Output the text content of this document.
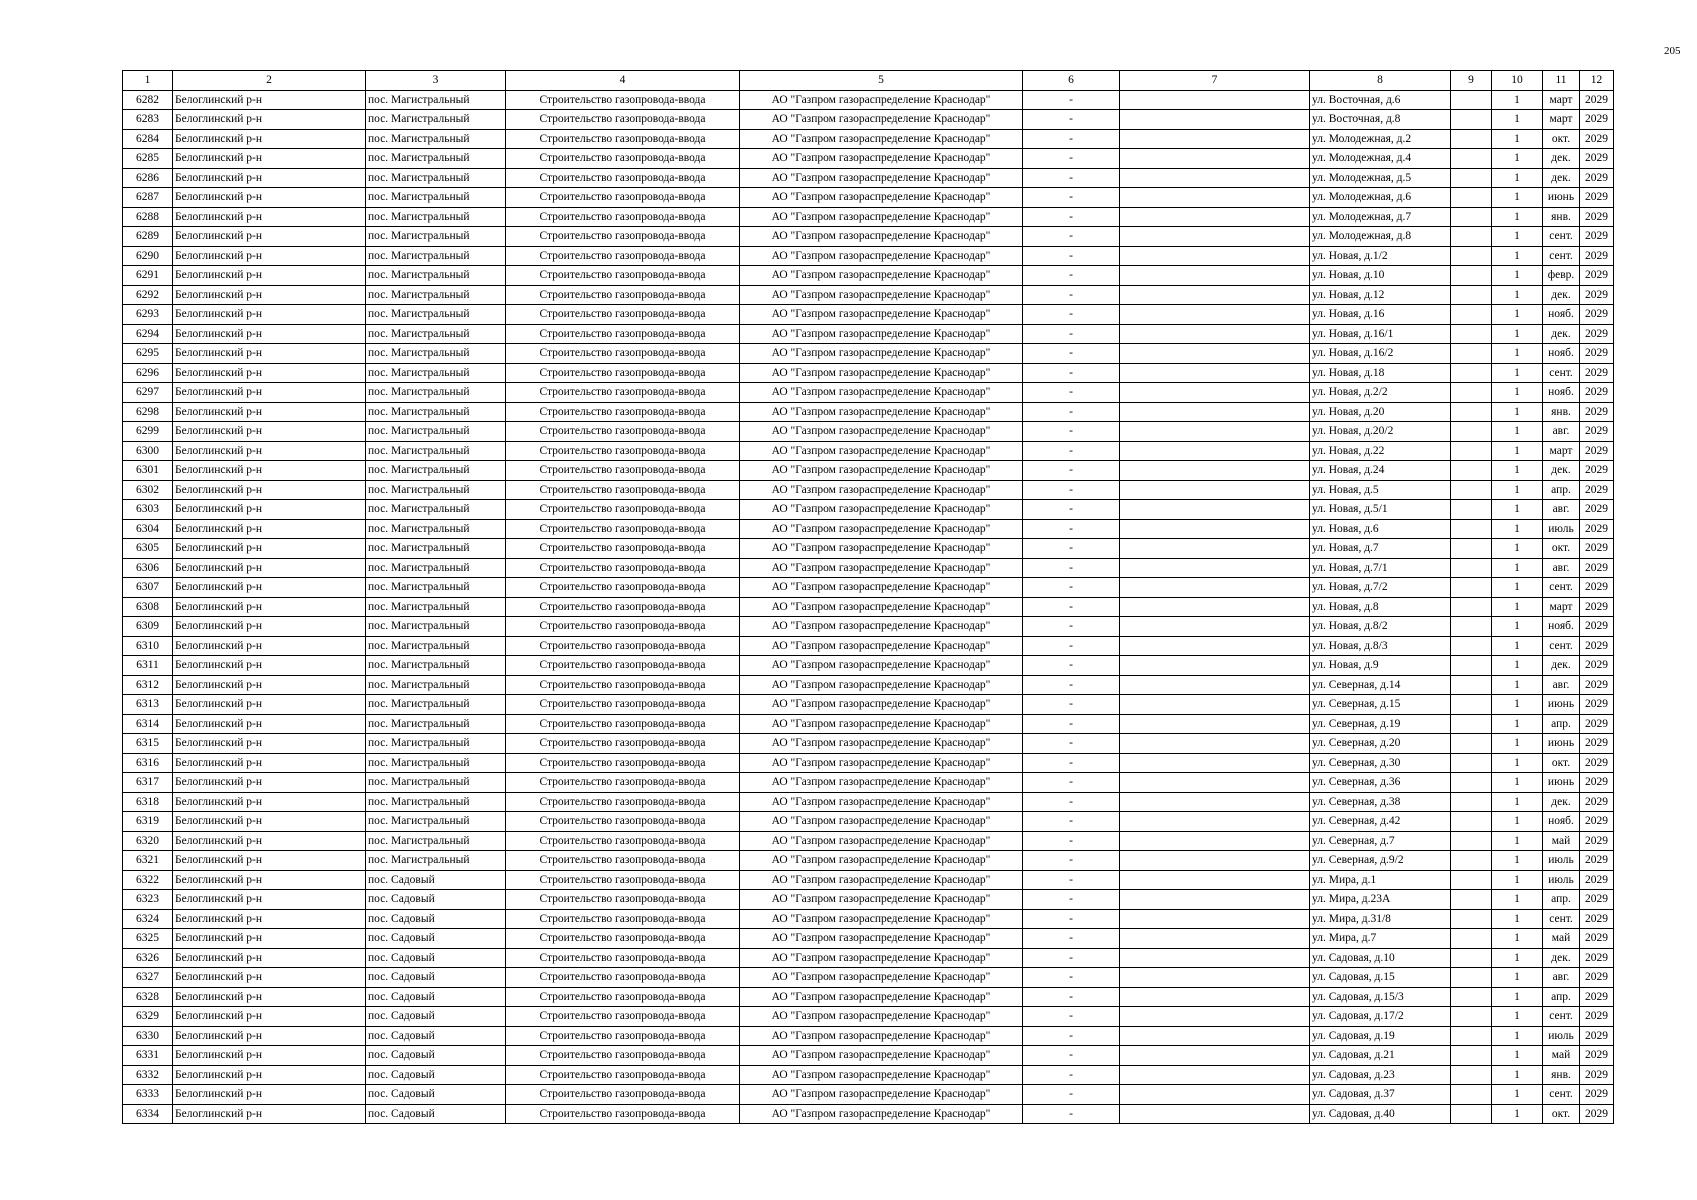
205
1	2	3	4	5	6	7	8	9	10	11	12
6282	Белоглинский р-н	пос. Магистральный	Строительство газопровода-ввода	АО "Газпром газораспределение Краснодар"	-		ул. Восточная, д.6		1	март	2029
6283	Белоглинский р-н	пос. Магистральный	Строительство газопровода-ввода	АО "Газпром газораспределение Краснодар"	-		ул. Восточная, д.8		1	март	2029
6284	Белоглинский р-н	пос. Магистральный	Строительство газопровода-ввода	АО "Газпром газораспределение Краснодар"	-		ул. Молодежная, д.2		1	окт.	2029
6285	Белоглинский р-н	пос. Магистральный	Строительство газопровода-ввода	АО "Газпром газораспределение Краснодар"	-		ул. Молодежная, д.4		1	дек.	2029
6286	Белоглинский р-н	пос. Магистральный	Строительство газопровода-ввода	АО "Газпром газораспределение Краснодар"	-		ул. Молодежная, д.5		1	дек.	2029
6287	Белоглинский р-н	пос. Магистральный	Строительство газопровода-ввода	АО "Газпром газораспределение Краснодар"	-		ул. Молодежная, д.6		1	июнь	2029
6288	Белоглинский р-н	пос. Магистральный	Строительство газопровода-ввода	АО "Газпром газораспределение Краснодар"	-		ул. Молодежная, д.7		1	янв.	2029
6289	Белоглинский р-н	пос. Магистральный	Строительство газопровода-ввода	АО "Газпром газораспределение Краснодар"	-		ул. Молодежная, д.8		1	сент.	2029
6290	Белоглинский р-н	пос. Магистральный	Строительство газопровода-ввода	АО "Газпром газораспределение Краснодар"	-		ул. Новая, д.1/2		1	сент.	2029
6291	Белоглинский р-н	пос. Магистральный	Строительство газопровода-ввода	АО "Газпром газораспределение Краснодар"	-		ул. Новая, д.10		1	февр.	2029
6292	Белоглинский р-н	пос. Магистральный	Строительство газопровода-ввода	АО "Газпром газораспределение Краснодар"	-		ул. Новая, д.12		1	дек.	2029
6293	Белоглинский р-н	пос. Магистральный	Строительство газопровода-ввода	АО "Газпром газораспределение Краснодар"	-		ул. Новая, д.16		1	нояб.	2029
6294	Белоглинский р-н	пос. Магистральный	Строительство газопровода-ввода	АО "Газпром газораспределение Краснодар"	-		ул. Новая, д.16/1		1	дек.	2029
6295	Белоглинский р-н	пос. Магистральный	Строительство газопровода-ввода	АО "Газпром газораспределение Краснодар"	-		ул. Новая, д.16/2		1	нояб.	2029
6296	Белоглинский р-н	пос. Магистральный	Строительство газопровода-ввода	АО "Газпром газораспределение Краснодар"	-		ул. Новая, д.18		1	сент.	2029
6297	Белоглинский р-н	пос. Магистральный	Строительство газопровода-ввода	АО "Газпром газораспределение Краснодар"	-		ул. Новая, д.2/2		1	нояб.	2029
6298	Белоглинский р-н	пос. Магистральный	Строительство газопровода-ввода	АО "Газпром газораспределение Краснодар"	-		ул. Новая, д.20		1	янв.	2029
6299	Белоглинский р-н	пос. Магистральный	Строительство газопровода-ввода	АО "Газпром газораспределение Краснодар"	-		ул. Новая, д.20/2		1	авг.	2029
6300	Белоглинский р-н	пос. Магистральный	Строительство газопровода-ввода	АО "Газпром газораспределение Краснодар"	-		ул. Новая, д.22		1	март	2029
6301	Белоглинский р-н	пос. Магистральный	Строительство газопровода-ввода	АО "Газпром газораспределение Краснодар"	-		ул. Новая, д.24		1	дек.	2029
6302	Белоглинский р-н	пос. Магистральный	Строительство газопровода-ввода	АО "Газпром газораспределение Краснодар"	-		ул. Новая, д.5		1	апр.	2029
6303	Белоглинский р-н	пос. Магистральный	Строительство газопровода-ввода	АО "Газпром газораспределение Краснодар"	-		ул. Новая, д.5/1		1	авг.	2029
6304	Белоглинский р-н	пос. Магистральный	Строительство газопровода-ввода	АО "Газпром газораспределение Краснодар"	-		ул. Новая, д.6		1	июль	2029
6305	Белоглинский р-н	пос. Магистральный	Строительство газопровода-ввода	АО "Газпром газораспределение Краснодар"	-		ул. Новая, д.7		1	окт.	2029
6306	Белоглинский р-н	пос. Магистральный	Строительство газопровода-ввода	АО "Газпром газораспределение Краснодар"	-		ул. Новая, д.7/1		1	авг.	2029
6307	Белоглинский р-н	пос. Магистральный	Строительство газопровода-ввода	АО "Газпром газораспределение Краснодар"	-		ул. Новая, д.7/2		1	сент.	2029
6308	Белоглинский р-н	пос. Магистральный	Строительство газопровода-ввода	АО "Газпром газораспределение Краснодар"	-		ул. Новая, д.8		1	март	2029
6309	Белоглинский р-н	пос. Магистральный	Строительство газопровода-ввода	АО "Газпром газораспределение Краснодар"	-		ул. Новая, д.8/2		1	нояб.	2029
6310	Белоглинский р-н	пос. Магистральный	Строительство газопровода-ввода	АО "Газпром газораспределение Краснодар"	-		ул. Новая, д.8/3		1	сент.	2029
6311	Белоглинский р-н	пос. Магистральный	Строительство газопровода-ввода	АО "Газпром газораспределение Краснодар"	-		ул. Новая, д.9		1	дек.	2029
6312	Белоглинский р-н	пос. Магистральный	Строительство газопровода-ввода	АО "Газпром газораспределение Краснодар"	-		ул. Северная, д.14		1	авг.	2029
6313	Белоглинский р-н	пос. Магистральный	Строительство газопровода-ввода	АО "Газпром газораспределение Краснодар"	-		ул. Северная, д.15		1	июнь	2029
6314	Белоглинский р-н	пос. Магистральный	Строительство газопровода-ввода	АО "Газпром газораспределение Краснодар"	-		ул. Северная, д.19		1	апр.	2029
6315	Белоглинский р-н	пос. Магистральный	Строительство газопровода-ввода	АО "Газпром газораспределение Краснодар"	-		ул. Северная, д.20		1	июнь	2029
6316	Белоглинский р-н	пос. Магистральный	Строительство газопровода-ввода	АО "Газпром газораспределение Краснодар"	-		ул. Северная, д.30		1	окт.	2029
6317	Белоглинский р-н	пос. Магистральный	Строительство газопровода-ввода	АО "Газпром газораспределение Краснодар"	-		ул. Северная, д.36		1	июнь	2029
6318	Белоглинский р-н	пос. Магистральный	Строительство газопровода-ввода	АО "Газпром газораспределение Краснодар"	-		ул. Северная, д.38		1	дек.	2029
6319	Белоглинский р-н	пос. Магистральный	Строительство газопровода-ввода	АО "Газпром газораспределение Краснодар"	-		ул. Северная, д.42		1	нояб.	2029
6320	Белоглинский р-н	пос. Магистральный	Строительство газопровода-ввода	АО "Газпром газораспределение Краснодар"	-		ул. Северная, д.7		1	май	2029
6321	Белоглинский р-н	пос. Магистральный	Строительство газопровода-ввода	АО "Газпром газораспределение Краснодар"	-		ул. Северная, д.9/2		1	июль	2029
6322	Белоглинский р-н	пос. Садовый	Строительство газопровода-ввода	АО "Газпром газораспределение Краснодар"	-		ул. Мира, д.1		1	июль	2029
6323	Белоглинский р-н	пос. Садовый	Строительство газопровода-ввода	АО "Газпром газораспределение Краснодар"	-		ул. Мира, д.23А		1	апр.	2029
6324	Белоглинский р-н	пос. Садовый	Строительство газопровода-ввода	АО "Газпром газораспределение Краснодар"	-		ул. Мира, д.31/8		1	сент.	2029
6325	Белоглинский р-н	пос. Садовый	Строительство газопровода-ввода	АО "Газпром газораспределение Краснодар"	-		ул. Мира, д.7		1	май	2029
6326	Белоглинский р-н	пос. Садовый	Строительство газопровода-ввода	АО "Газпром газораспределение Краснодар"	-		ул. Садовая, д.10		1	дек.	2029
6327	Белоглинский р-н	пос. Садовый	Строительство газопровода-ввода	АО "Газпром газораспределение Краснодар"	-		ул. Садовая, д.15		1	авг.	2029
6328	Белоглинский р-н	пос. Садовый	Строительство газопровода-ввода	АО "Газпром газораспределение Краснодар"	-		ул. Садовая, д.15/3		1	апр.	2029
6329	Белоглинский р-н	пос. Садовый	Строительство газопровода-ввода	АО "Газпром газораспределение Краснодар"	-		ул. Садовая, д.17/2		1	сент.	2029
6330	Белоглинский р-н	пос. Садовый	Строительство газопровода-ввода	АО "Газпром газораспределение Краснодар"	-		ул. Садовая, д.19		1	июль	2029
6331	Белоглинский р-н	пос. Садовый	Строительство газопровода-ввода	АО "Газпром газораспределение Краснодар"	-		ул. Садовая, д.21		1	май	2029
6332	Белоглинский р-н	пос. Садовый	Строительство газопровода-ввода	АО "Газпром газораспределение Краснодар"	-		ул. Садовая, д.23		1	янв.	2029
6333	Белоглинский р-н	пос. Садовый	Строительство газопровода-ввода	АО "Газпром газораспределение Краснодар"	-		ул. Садовая, д.37		1	сент.	2029
6334	Белоглинский р-н	пос. Садовый	Строительство газопровода-ввода	АО "Газпром газораспределение Краснодар"	-		ул. Садовая, д.40		1	окт.	2029
